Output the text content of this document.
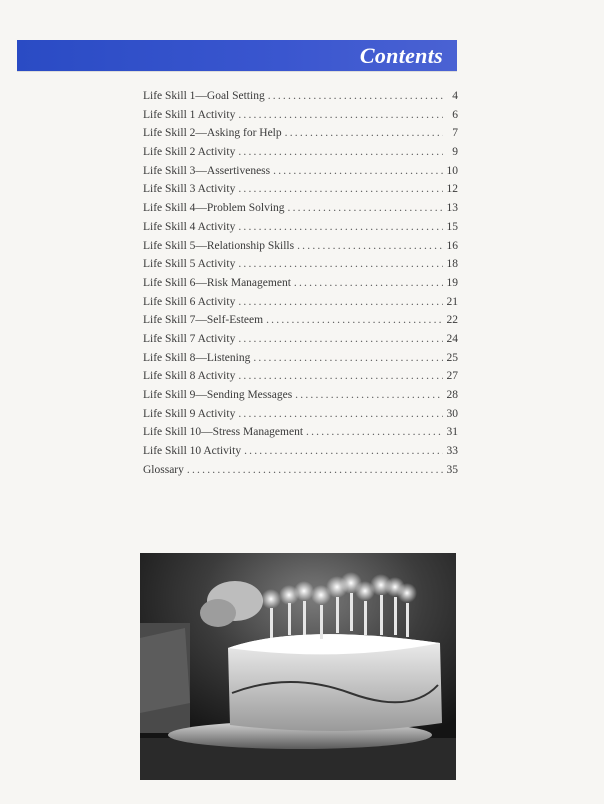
Contents
Life Skill 1—Goal Setting .....	4
Life Skill 1 Activity .....	6
Life Skill 2—Asking for Help .....	7
Life Skill 2 Activity .....	9
Life Skill 3—Assertiveness .....	10
Life Skill 3 Activity .....	12
Life Skill 4—Problem Solving .....	13
Life Skill 4 Activity .....	15
Life Skill 5—Relationship Skills .....	16
Life Skill 5 Activity .....	18
Life Skill 6—Risk Management .....	19
Life Skill 6 Activity .....	21
Life Skill 7—Self-Esteem .....	22
Life Skill 7 Activity .....	24
Life Skill 8—Listening .....	25
Life Skill 8 Activity .....	27
Life Skill 9—Sending Messages .....	28
Life Skill 9 Activity .....	30
Life Skill 10—Stress Management .....	31
Life Skill 10 Activity .....	33
Glossary .....	35
